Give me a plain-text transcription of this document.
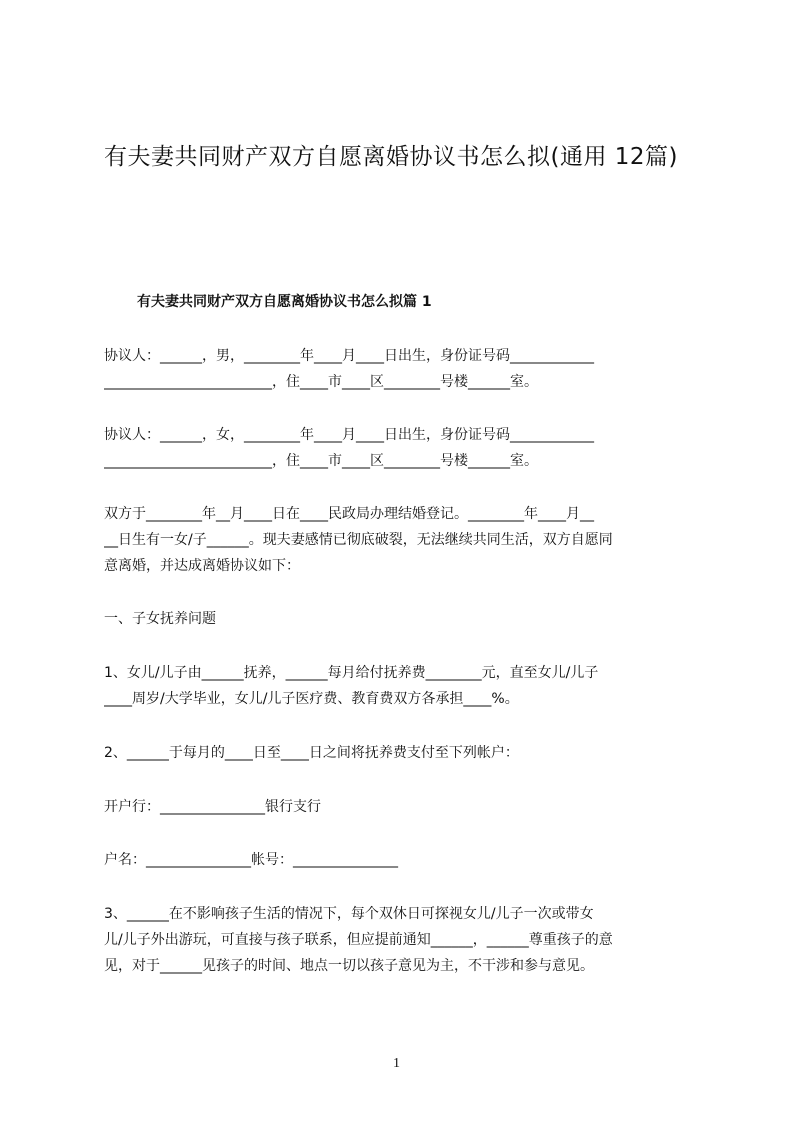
有夫妻共同财产双方自愿离婚协议书怎么拟(通用 12篇)
有夫妻共同财产双方自愿离婚协议书怎么拟篇 1
协议人：______，男，________年____月____日出生，身份证号码____________
________________________，住____市____区________号楼______室。
协议人：______，女，________年____月____日出生，身份证号码____________
________________________，住____市____区________号楼______室。
双方于________年__月____日在____民政局办理结婚登记。________年____月__
__日生有一女/子______。现夫妻感情已彻底破裂，无法继续共同生活，双方自愿同
意离婚，并达成离婚协议如下：
一、子女抚养问题
1、女儿/儿子由______抚养，______每月给付抚养费________元，直至女儿/儿子
____周岁/大学毕业，女儿/儿子医疗费、教育费双方各承担____%。
2、______于每月的____日至____日之间将抚养费支付至下列帐户：
开户行：_______________银行支行
户名：_______________帐号：_______________
3、______在不影响孩子生活的情况下，每个双休日可探视女儿/儿子一次或带女
儿/儿子外出游玩，可直接与孩子联系，但应提前通知______，______尊重孩子的意
见，对于______见孩子的时间、地点一切以孩子意见为主，不干涉和参与意见。
1
